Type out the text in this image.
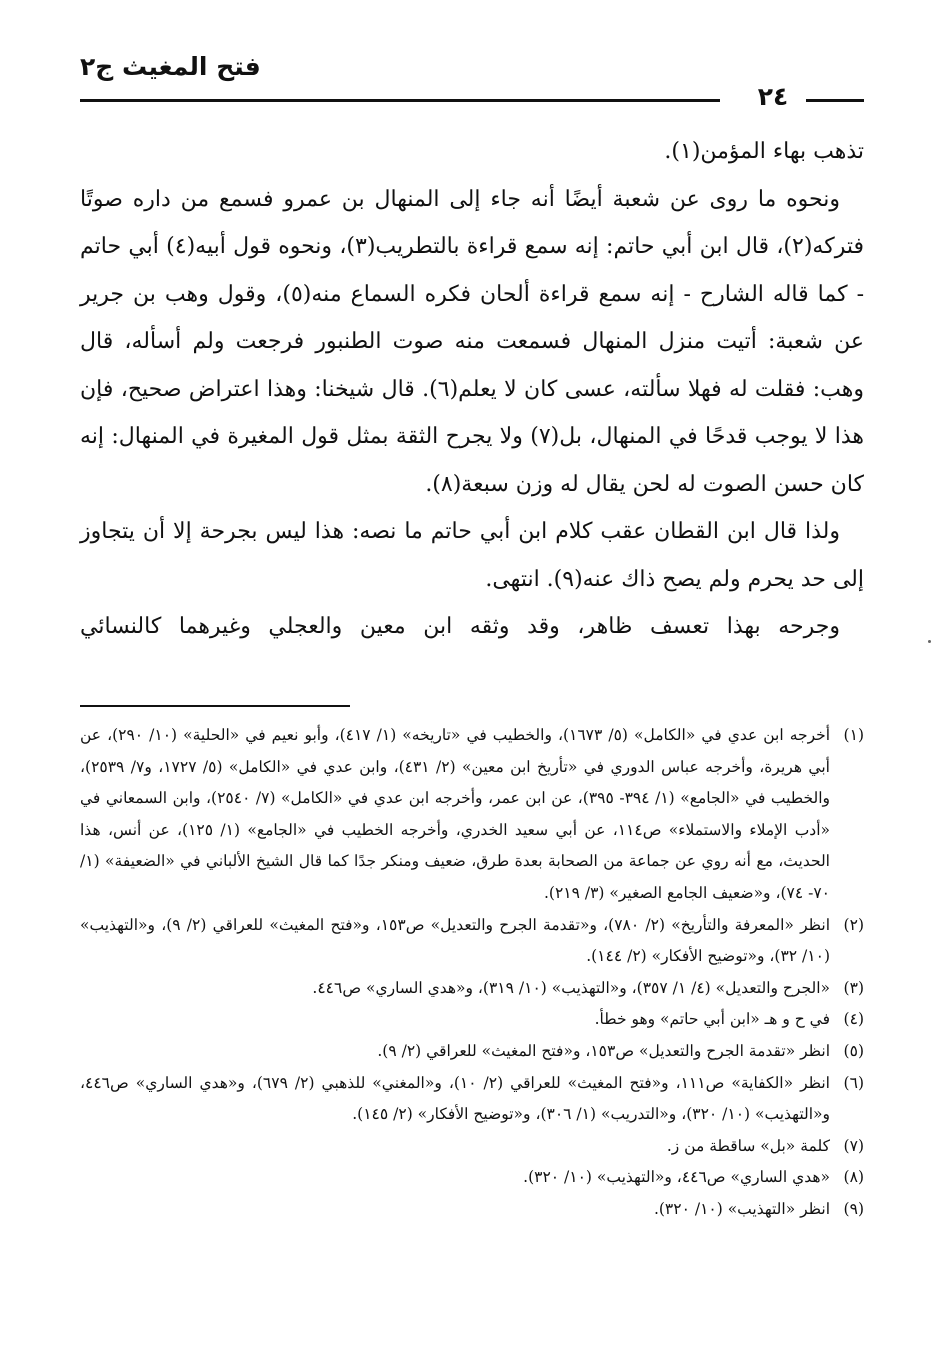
فتح المغيث ج٢
٢٤

تذهب بهاء المؤمن(١).

ونحوه ما روى عن شعبة أيضًا أنه جاء إلى المنهال بن عمرو فسمع من داره صوتًا فتركه(٢)، قال ابن أبي حاتم: إنه سمع قراءة بالتطريب(٣)، ونحوه قول أبيه(٤) أبي حاتم - كما قاله الشارح - إنه سمع قراءة ألحان فكره السماع منه(٥)، وقول وهب بن جرير عن شعبة: أتيت منزل المنهال فسمعت منه صوت الطنبور فرجعت ولم أسأله، قال وهب: فقلت له فهلا سألته، عسى كان لا يعلم(٦). قال شيخنا: وهذا اعتراض صحيح، فإن هذا لا يوجب قدحًا في المنهال، بل(٧) ولا يجرح الثقة بمثل قول المغيرة في المنهال: إنه كان حسن الصوت له لحن يقال له وزن سبعة(٨).

ولذا قال ابن القطان عقب كلام ابن أبي حاتم ما نصه: هذا ليس بجرحة إلا أن يتجاوز إلى حد يحرم ولم يصح ذاك عنه(٩). انتهى.

وجرحه بهذا تعسف ظاهر، وقد وثقه ابن معين والعجلي وغيرهما كالنسائي

(١)
أخرجه ابن عدي في «الكامل» (٥/ ١٦٧٣)، والخطيب في «تاريخه» (١/ ٤١٧)، وأبو نعيم في «الحلية» (١٠/ ٢٩٠)، عن أبي هريرة، وأخرجه عباس الدوري في «تأريخ ابن معين» (٢/ ٤٣١)، وابن عدي في «الكامل» (٥/ ١٧٢٧، و٧/ ٢٥٣٩)، والخطيب في «الجامع» (١/ ٣٩٤- ٣٩٥)، عن ابن عمر، وأخرجه ابن عدي في «الكامل» (٧/ ٢٥٤٠)، وابن السمعاني في «أدب الإملاء والاستملاء» ص١١٤، عن أبي سعيد الخدري، وأخرجه الخطيب في «الجامع» (١/ ١٢٥)، عن أنس، هذا الحديث، مع أنه روي عن جماعة من الصحابة بعدة طرق، ضعيف ومنكر جدًا كما قال الشيخ الألباني في «الضعيفة» (١/ ٧٠- ٧٤)، و«ضعيف الجامع الصغير» (٣/ ٢١٩).
(٢)
انظر «المعرفة والتأريخ» (٢/ ٧٨٠)، و«تقدمة الجرح والتعديل» ص١٥٣، و«فتح المغيث» للعراقي (٢/ ٩)، و«التهذيب» (١٠/ ٣٢)، و«توضيح الأفكار» (٢/ ١٤٤).
(٣)
«الجرح والتعديل» (٤/ ١/ ٣٥٧)، و«التهذيب» (١٠/ ٣١٩)، و«هدي الساري» ص٤٤٦.
(٤)
في ح و هـ «ابن أبي حاتم» وهو خطأ.
(٥)
انظر «تقدمة الجرح والتعديل» ص١٥٣، و«فتح المغيث» للعراقي (٢/ ٩).
(٦)
انظر «الكفاية» ص١١١، و«فتح المغيث» للعراقي (٢/ ١٠)، و«المغني» للذهبي (٢/ ٦٧٩)، و«هدي الساري» ص٤٤٦، و«التهذيب» (١٠/ ٣٢٠)، و«التدريب» (١/ ٣٠٦)، و«توضيح الأفكار» (٢/ ١٤٥).
(٧)
كلمة «بل» ساقطة من ز.
(٨)
«هدي الساري» ص٤٤٦، و«التهذيب» (١٠/ ٣٢٠).
(٩)
انظر «التهذيب» (١٠/ ٣٢٠).
